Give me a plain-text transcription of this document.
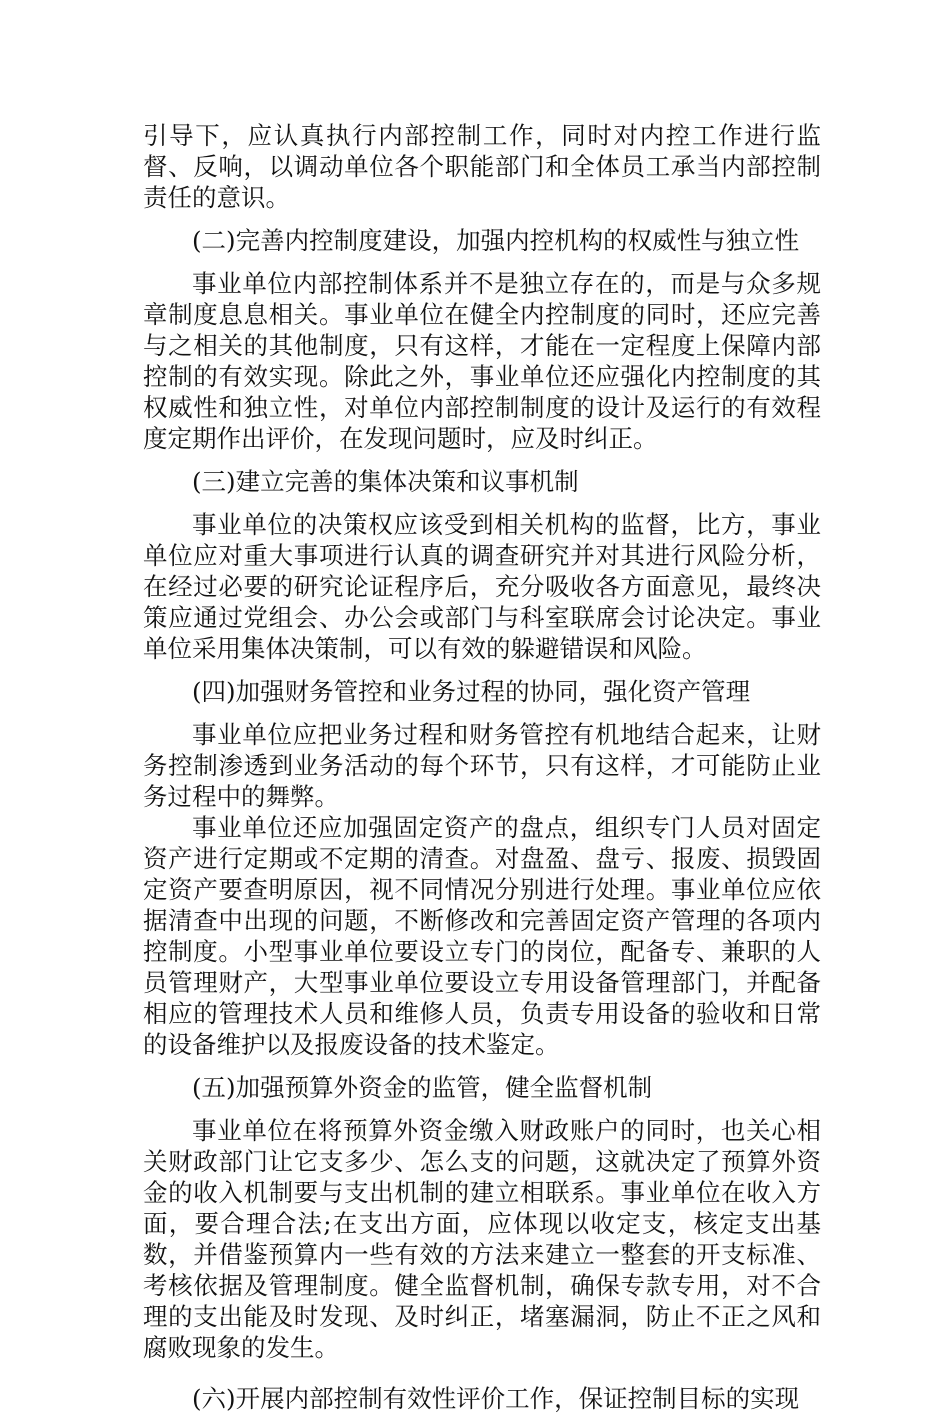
引导下，应认真执行内部控制工作，同时对内控工作进行监督、反响，以调动单位各个职能部门和全体员工承当内部控制责任的意识。

(二)完善内控制度建设，加强内控机构的权威性与独立性

事业单位内部控制体系并不是独立存在的，而是与众多规章制度息息相关。事业单位在健全内控制度的同时，还应完善与之相关的其他制度，只有这样，才能在一定程度上保障内部控制的有效实现。除此之外，事业单位还应强化内控制度的其权威性和独立性，对单位内部控制制度的设计及运行的有效程度定期作出评价，在发现问题时，应及时纠正。

(三)建立完善的集体决策和议事机制

事业单位的决策权应该受到相关机构的监督，比方，事业单位应对重大事项进行认真的调查研究并对其进行风险分析，在经过必要的研究论证程序后，充分吸收各方面意见，最终决策应通过党组会、办公会或部门与科室联席会讨论决定。事业单位采用集体决策制，可以有效的躲避错误和风险。

(四)加强财务管控和业务过程的协同，强化资产管理

事业单位应把业务过程和财务管控有机地结合起来，让财务控制渗透到业务活动的每个环节，只有这样，才可能防止业务过程中的舞弊。

事业单位还应加强固定资产的盘点，组织专门人员对固定资产进行定期或不定期的清查。对盘盈、盘亏、报废、损毁固定资产要查明原因，视不同情况分别进行处理。事业单位应依据清查中出现的问题，不断修改和完善固定资产管理的各项内控制度。小型事业单位要设立专门的岗位，配备专、兼职的人员管理财产，大型事业单位要设立专用设备管理部门，并配备相应的管理技术人员和维修人员，负责专用设备的验收和日常的设备维护以及报废设备的技术鉴定。

(五)加强预算外资金的监管，健全监督机制

事业单位在将预算外资金缴入财政账户的同时，也关心相关财政部门让它支多少、怎么支的问题，这就决定了预算外资金的收入机制要与支出机制的建立相联系。事业单位在收入方面，要合理合法;在支出方面，应体现以收定支，核定支出基数，并借鉴预算内一些有效的方法来建立一整套的开支标准、考核依据及管理制度。健全监督机制，确保专款专用，对不合理的支出能及时发现、及时纠正，堵塞漏洞，防止不正之风和腐败现象的发生。

(六)开展内部控制有效性评价工作，保证控制目标的实现
